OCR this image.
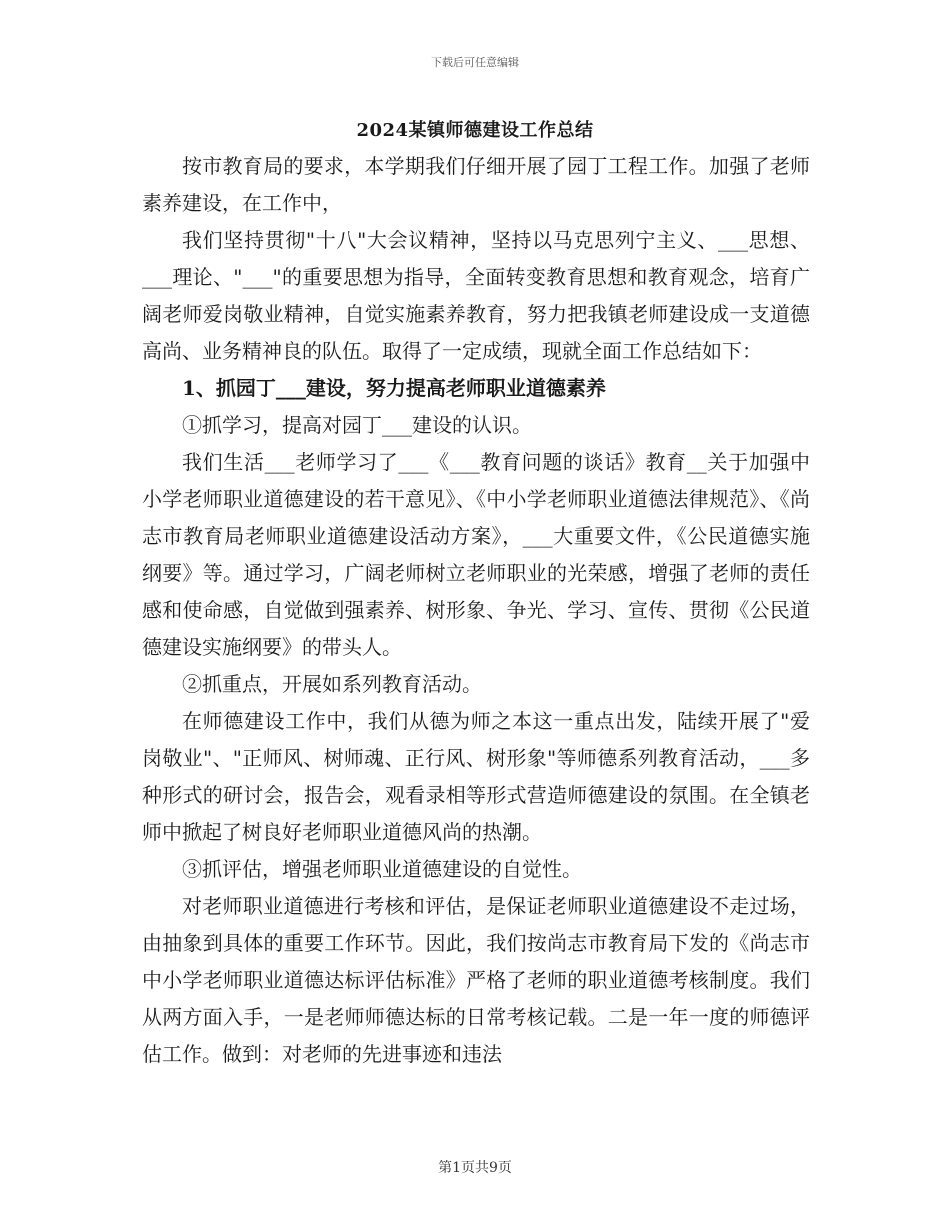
下载后可任意编辑
2024某镇师德建设工作总结

按市教育局的要求，本学期我们仔细开展了园丁工程工作。加强了老师素养建设，在工作中，

我们坚持贯彻"十八"大会议精神，坚持以马克思列宁主义、___思想、___理论、"___"的重要思想为指导，全面转变教育思想和教育观念，培育广阔老师爱岗敬业精神，自觉实施素养教育，努力把我镇老师建设成一支道德高尚、业务精神良的队伍。取得了一定成绩，现就全面工作总结如下：

1、抓园丁___建设，努力提高老师职业道德素养

①抓学习，提高对园丁___建设的认识。

我们生活___老师学习了___《___教育问题的谈话》教育__关于加强中小学老师职业道德建设的若干意见》、《中小学老师职业道德法律规范》、《尚志市教育局老师职业道德建设活动方案》，___大重要文件，《公民道德实施纲要》等。通过学习，广阔老师树立老师职业的光荣感，增强了老师的责任感和使命感，自觉做到强素养、树形象、争光、学习、宣传、贯彻《公民道德建设实施纲要》的带头人。

②抓重点，开展如系列教育活动。

在师德建设工作中，我们从德为师之本这一重点出发，陆续开展了"爱岗敬业"、"正师风、树师魂、正行风、树形象"等师德系列教育活动，___多种形式的研讨会，报告会，观看录相等形式营造师德建设的氛围。在全镇老师中掀起了树良好老师职业道德风尚的热潮。

③抓评估，增强老师职业道德建设的自觉性。

对老师职业道德进行考核和评估，是保证老师职业道德建设不走过场，由抽象到具体的重要工作环节。因此，我们按尚志市教育局下发的《尚志市中小学老师职业道德达标评估标准》严格了老师的职业道德考核制度。我们从两方面入手，一是老师师德达标的日常考核记载。二是一年一度的师德评估工作。做到：对老师的先进事迹和违法

第1页共9页
